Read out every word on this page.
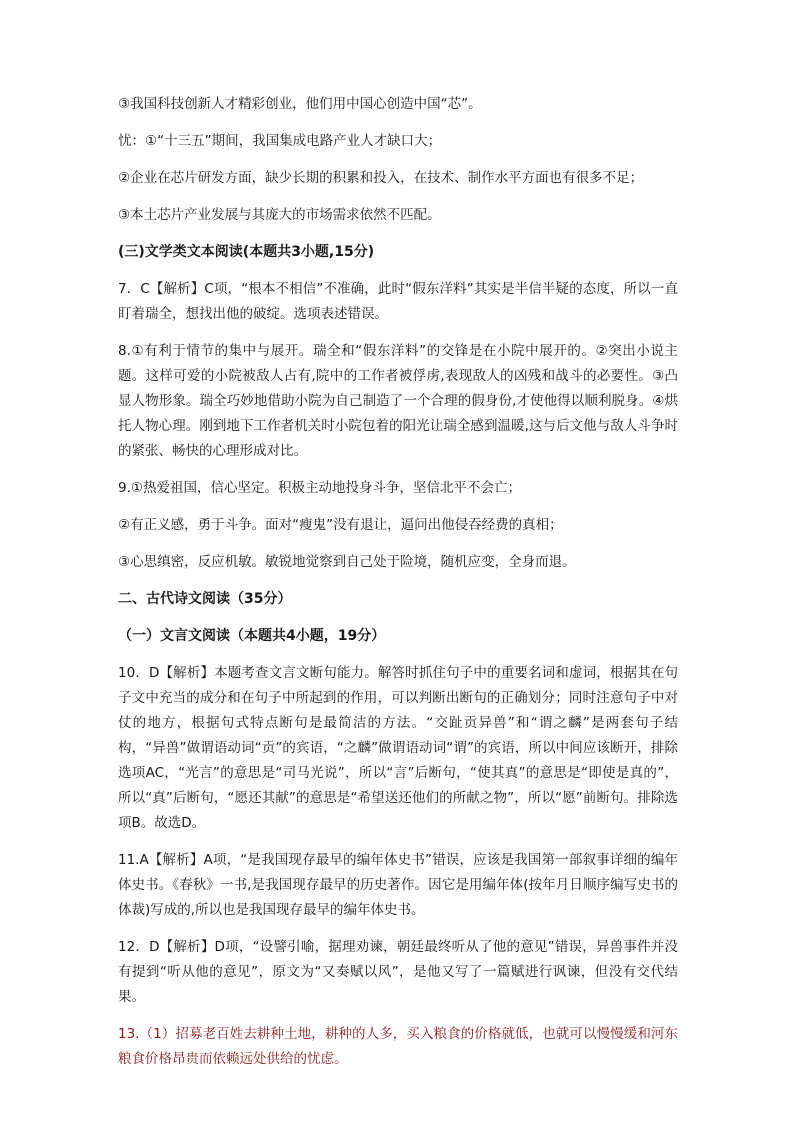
③我国科技创新人才精彩创业，他们用中国心创造中国“芯”。

忧：①“十三五”期间，我国集成电路产业人才缺口大；

②企业在芯片研发方面，缺少长期的积累和投入，在技术、制作水平方面也有很多不足；

③本土芯片产业发展与其庞大的市场需求依然不匹配。

(三)文学类文本阅读(本题共3小题,15分)

7．C【解析】C项，“根本不相信”不准确，此时“假东洋料”其实是半信半疑的态度，所以一直盯着瑞全，想找出他的破绽。选项表述错误。

8.①有利于情节的集中与展开。瑞全和“假东洋料”的交锋是在小院中展开的。②突出小说主题。这样可爱的小院被敌人占有,院中的工作者被俘虏,表现敌人的凶残和战斗的必要性。③凸显人物形象。瑞全巧妙地借助小院为自己制造了一个合理的假身份,才使他得以顺利脱身。④烘托人物心理。刚到地下工作者机关时小院包着的阳光让瑞全感到温暖,这与后文他与敌人斗争时的紧张、畅快的心理形成对比。

9.①热爱祖国，信心坚定。积极主动地投身斗争，坚信北平不会亡；

②有正义感，勇于斗争。面对“瘦鬼”没有退让，逼问出他侵吞经费的真相；

③心思缜密，反应机敏。敏锐地觉察到自己处于险境，随机应变，全身而退。

二、古代诗文阅读（35分）

（一）文言文阅读（本题共4小题，19分）

10．D【解析】本题考查文言文断句能力。解答时抓住句子中的重要名词和虚词，根据其在句子文中充当的成分和在句子中所起到的作用，可以判断出断句的正确划分；同时注意句子中对仗的地方，根据句式特点断句是最简洁的方法。“交趾贡异兽”和“谓之麟”是两套句子结构，“异兽”做谓语动词“贡”的宾语，“之麟”做谓语动词“谓”的宾语，所以中间应该断开，排除选项AC，“光言”的意思是“司马光说”，所以“言”后断句，“使其真”的意思是“即使是真的”，所以“真”后断句，“愿还其献”的意思是“希望送还他们的所献之物”，所以“愿”前断句。排除选项B。故选D。

11.A【解析】A项，“是我国现存最早的编年体史书”错误，应该是我国第一部叙事详细的编年体史书。《春秋》一书,是我国现存最早的历史著作。因它是用编年体(按年月日顺序编写史书的体裁)写成的,所以也是我国现存最早的编年体史书。

12．D【解析】D项，“设譬引喻，据理劝谏，朝廷最终听从了他的意见”错误，异兽事件并没有提到“听从他的意见”，原文为“又奏赋以风”，是他又写了一篇赋进行讽谏，但没有交代结果。

13.（1）招募老百姓去耕种土地，耕种的人多，买入粮食的价格就低，也就可以慢慢缓和河东粮食价格昂贵而依赖远处供给的忧虑。
